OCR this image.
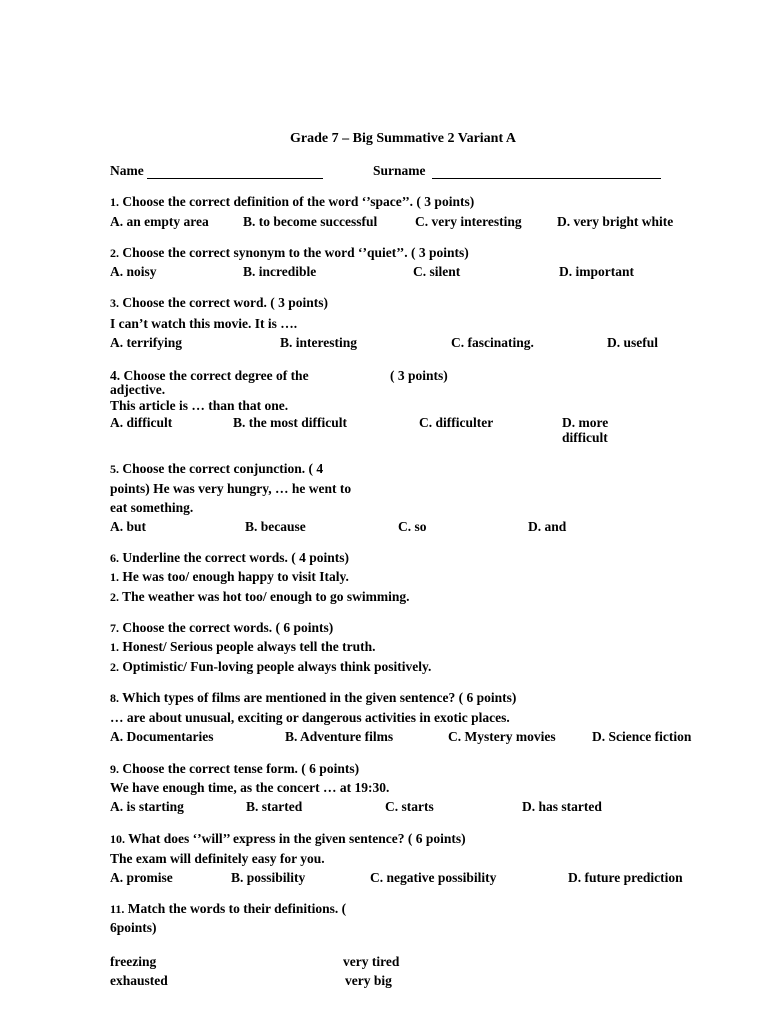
Grade 7 – Big Summative 2 Variant A
Name	Surname
1. Choose the correct definition of the word ‘’space’’. ( 3 points)
A. an empty area	B. to become successful	C. very interesting	D. very bright white
2. Choose the correct synonym to the word ‘’quiet’’. ( 3 points)
A. noisy	B. incredible	C. silent	D. important
3. Choose the correct word. ( 3 points)
I can’t watch this movie. It is ….
A. terrifying	B. interesting	C. fascinating.	D. useful
4. Choose the correct degree of the	( 3 points)
adjective.
This article is … than that one.
A. difficult	B. the most difficult	C. difficulter	D. more
difficult
5. Choose the correct conjunction. ( 4
points) He was very hungry, … he went to
eat something.
A. but	B. because	C. so	D. and
6. Underline the correct words. ( 4 points)
1. He was too/ enough happy to visit Italy.
2. The weather was hot too/ enough to go swimming.
7. Choose the correct words. ( 6 points)
1. Honest/ Serious people always tell the truth.
2. Optimistic/ Fun-loving people always think positively.
8. Which types of films are mentioned in the given sentence? ( 6 points)
… are about unusual, exciting or dangerous activities in exotic places.
A. Documentaries	B. Adventure films	C. Mystery movies	D. Science fiction
9. Choose the correct tense form. ( 6 points)
We have enough time, as the concert … at 19:30.
A. is starting	B. started	C. starts	D. has started
10. What does ‘’will’’ express in the given sentence? ( 6 points)
The exam will definitely easy for you.
A. promise	B. possibility	C. negative possibility	D. future prediction
11. Match the words to their definitions. (
6points)
freezing	very tired
exhausted	very big
